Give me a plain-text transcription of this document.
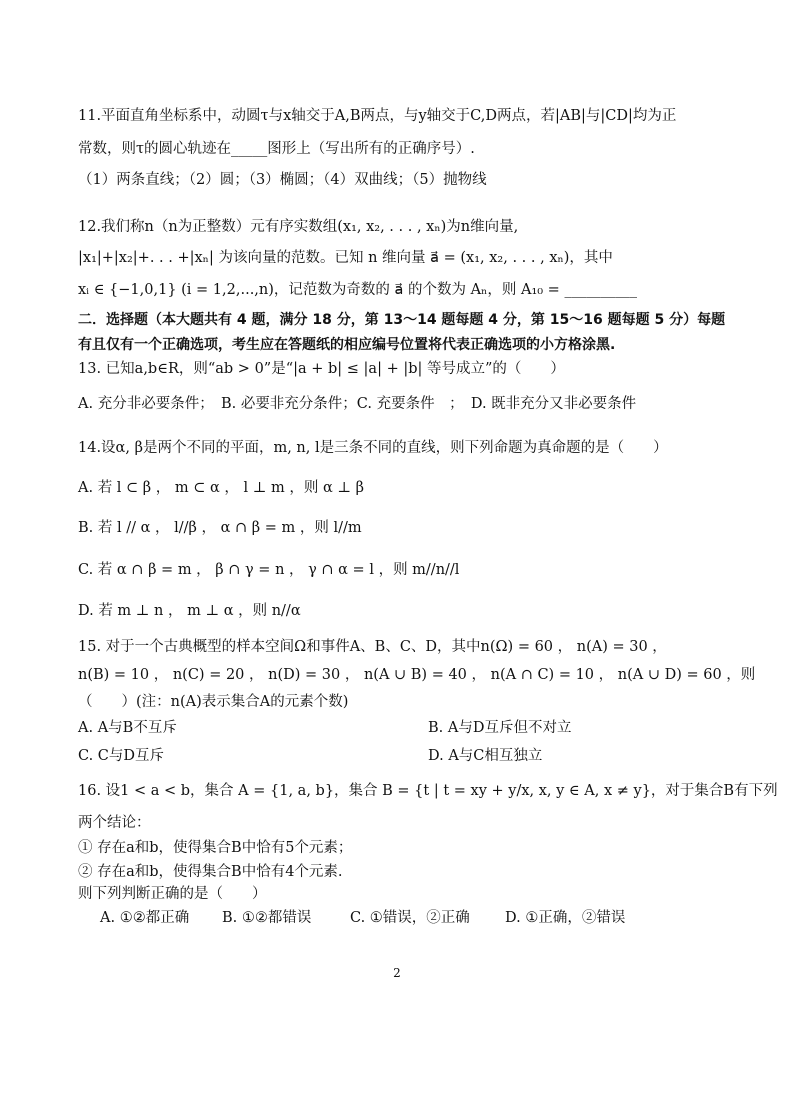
11.平面直角坐标系中，动圆τ与x轴交于A,B两点，与y轴交于C,D两点，若|AB|与|CD|均为正
常数，则τ的圆心轨迹在_____图形上（写出所有的正确序号）.
（1）两条直线；（2）圆；（3）椭圆；（4）双曲线；（5）抛物线
12.我们称n（n为正整数）元有序实数组(x₁, x₂, . . . , xₙ)为n维向量,
|x₁|+|x₂|+. . . +|xₙ| 为该向量的范数。已知 n 维向量 a⃗ = (x₁, x₂, . . . , xₙ)，其中
xᵢ ∈ {−1,0,1} (i = 1,2,...,n)，记范数为奇数的 a⃗ 的个数为 Aₙ，则 A₁₀ = __________
二．选择题（本大题共有 4 题，满分 18 分，第 13～14 题每题 4 分，第 15～16 题每题 5 分）每题
有且仅有一个正确选项，考生应在答题纸的相应编号位置将代表正确选项的小方格涂黑.
13. 已知a,b∈R，则“ab > 0”是“|a + b| ≤ |a| + |b| 等号成立”的（　　）
A. 充分非必要条件；　B. 必要非充分条件；C. 充要条件　；　D. 既非充分又非必要条件
14.设α, β是两个不同的平面，m, n, l是三条不同的直线，则下列命题为真命题的是（　　）
A. 若 l ⊂ β ， m ⊂ α ， l ⊥ m ，则 α ⊥ β
B. 若 l // α ， l//β ， α ∩ β = m ，则 l//m
C. 若 α ∩ β = m ， β ∩ γ = n ， γ ∩ α = l ，则 m//n//l
D. 若 m ⊥ n ， m ⊥ α ，则 n//α
15. 对于一个古典概型的样本空间Ω和事件A、B、C、D，其中n(Ω) = 60 ， n(A) = 30 ，
n(B) = 10 ， n(C) = 20 ， n(D) = 30 ， n(A ∪ B) = 40 ， n(A ∩ C) = 10 ， n(A ∪ D) = 60 ，则
（　　）(注：n(A)表示集合A的元素个数)
A. A与B不互斥	B. A与D互斥但不对立
C. C与D互斥	D. A与C相互独立
16. 设1 < a < b，集合 A = {1, a, b}，集合 B = {t | t = xy + y/x, x, y ∈ A, x ≠ y}，对于集合B有下列
两个结论：
① 存在a和b，使得集合B中恰有5个元素；
② 存在a和b，使得集合B中恰有4个元素.
则下列判断正确的是（　　）
A. ①②都正确 B. ①②都错误	C. ①错误，②正确 D. ①正确，②错误
2
